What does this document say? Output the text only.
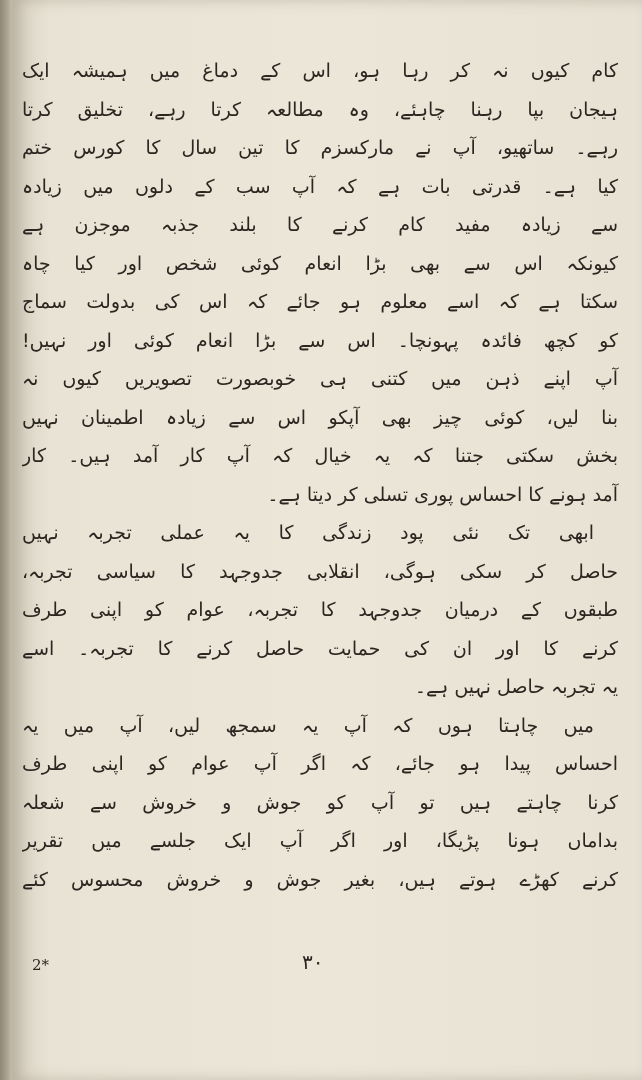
کام کیوں نہ کر رہا ہو، اس کے دماغ میں ہمیشہ ایک
ہیجان بپا رہنا چاہئے، وہ مطالعہ کرتا رہے، تخلیق کرتا
رہے۔ ساتھیو، آپ نے مارکسزم کا تین سال کا کورس ختم
کیا ہے۔ قدرتی بات ہے کہ آپ سب کے دلوں میں زیادہ
سے زیادہ مفید کام کرنے کا بلند جذبہ موجزن ہے
کیونکہ اس سے بھی بڑا انعام کوئی شخص اور کیا چاہ
سکتا ہے کہ اسے معلوم ہو جائے کہ اس کی بدولت سماج
کو کچھ فائدہ پہونچا۔ اس سے بڑا انعام کوئی اور نہیں!
آپ اپنے ذہن میں کتنی ہی خوبصورت تصویریں کیوں نہ
بنا لیں، کوئی چیز بھی آپکو اس سے زیادہ اطمینان نہیں
بخش سکتی جتنا کہ یہ خیال کہ آپ کار آمد ہیں۔ کار
آمد ہونے کا احساس پوری تسلی کر دیتا ہے۔
ابھی تک نئی پود زندگی کا یہ عملی تجربہ نہیں
حاصل کر سکی ہوگی، انقلابی جدوجہد کا سیاسی تجربہ،
طبقوں کے درمیان جدوجہد کا تجربہ، عوام کو اپنی طرف
کرنے کا اور ان کی حمایت حاصل کرنے کا تجربہ۔ اسے
یہ تجربہ حاصل نہیں ہے۔
میں چاہتا ہوں کہ آپ یہ سمجھ لیں، آپ میں یہ
احساس پیدا ہو جائے، کہ اگر آپ عوام کو اپنی طرف
کرنا چاہتے ہیں تو آپ کو جوش و خروش سے شعلہ
بداماں ہونا پڑیگا، اور اگر آپ ایک جلسے میں تقریر
کرنے کھڑے ہوتے ہیں، بغیر جوش و خروش محسوس کئے
2*	۳۰
